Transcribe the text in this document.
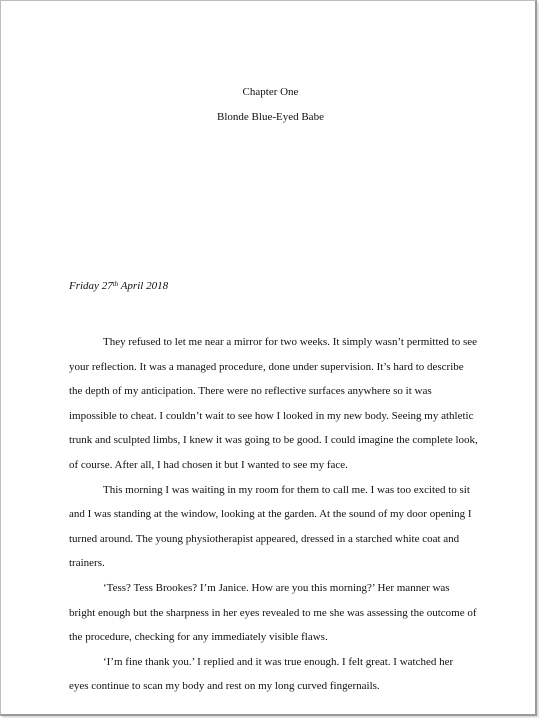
Chapter One
Blonde Blue-Eyed Babe
Friday 27th April 2018
They refused to let me near a mirror for two weeks. It simply wasn’t permitted to see
your reflection. It was a managed procedure, done under supervision. It’s hard to describe
the depth of my anticipation. There were no reflective surfaces anywhere so it was
impossible to cheat. I couldn’t wait to see how I looked in my new body. Seeing my athletic
trunk and sculpted limbs, I knew it was going to be good. I could imagine the complete look,
of course. After all, I had chosen it but I wanted to see my face.
This morning I was waiting in my room for them to call me. I was too excited to sit
and I was standing at the window, looking at the garden. At the sound of my door opening I
turned around. The young physiotherapist appeared, dressed in a starched white coat and
trainers.
‘Tess? Tess Brookes? I’m Janice. How are you this morning?’ Her manner was
bright enough but the sharpness in her eyes revealed to me she was assessing the outcome of
the procedure, checking for any immediately visible flaws.
‘I’m fine thank you.’ I replied and it was true enough. I felt great. I watched her
eyes continue to scan my body and rest on my long curved fingernails.
